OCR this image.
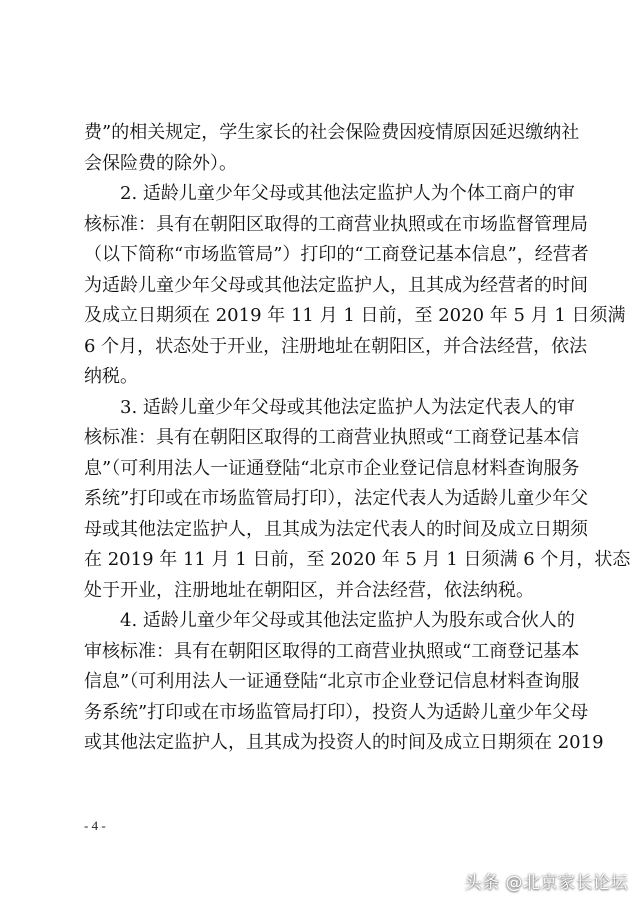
费”的相关规定，学生家长的社会保险费因疫情原因延迟缴纳社
会保险费的除外）。
2. 适龄儿童少年父母或其他法定监护人为个体工商户的审
核标准：具有在朝阳区取得的工商营业执照或在市场监督管理局
（以下简称“市场监管局”）打印的“工商登记基本信息”，经营者
为适龄儿童少年父母或其他法定监护人，且其成为经营者的时间
及成立日期须在 2019 年 11 月 1 日前，至 2020 年 5 月 1 日须满
6 个月，状态处于开业，注册地址在朝阳区，并合法经营，依法
纳税。
3. 适龄儿童少年父母或其他法定监护人为法定代表人的审
核标准：具有在朝阳区取得的工商营业执照或“工商登记基本信
息”（可利用法人一证通登陆“北京市企业登记信息材料查询服务
系统”打印或在市场监管局打印），法定代表人为适龄儿童少年父
母或其他法定监护人，且其成为法定代表人的时间及成立日期须
在 2019 年 11 月 1 日前，至 2020 年 5 月 1 日须满 6 个月，状态
处于开业，注册地址在朝阳区，并合法经营，依法纳税。
4. 适龄儿童少年父母或其他法定监护人为股东或合伙人的
审核标准：具有在朝阳区取得的工商营业执照或“工商登记基本
信息”（可利用法人一证通登陆“北京市企业登记信息材料查询服
务系统”打印或在市场监管局打印），投资人为适龄儿童少年父母
或其他法定监护人，且其成为投资人的时间及成立日期须在 2019
- 4 -
头条 @北京家长论坛
